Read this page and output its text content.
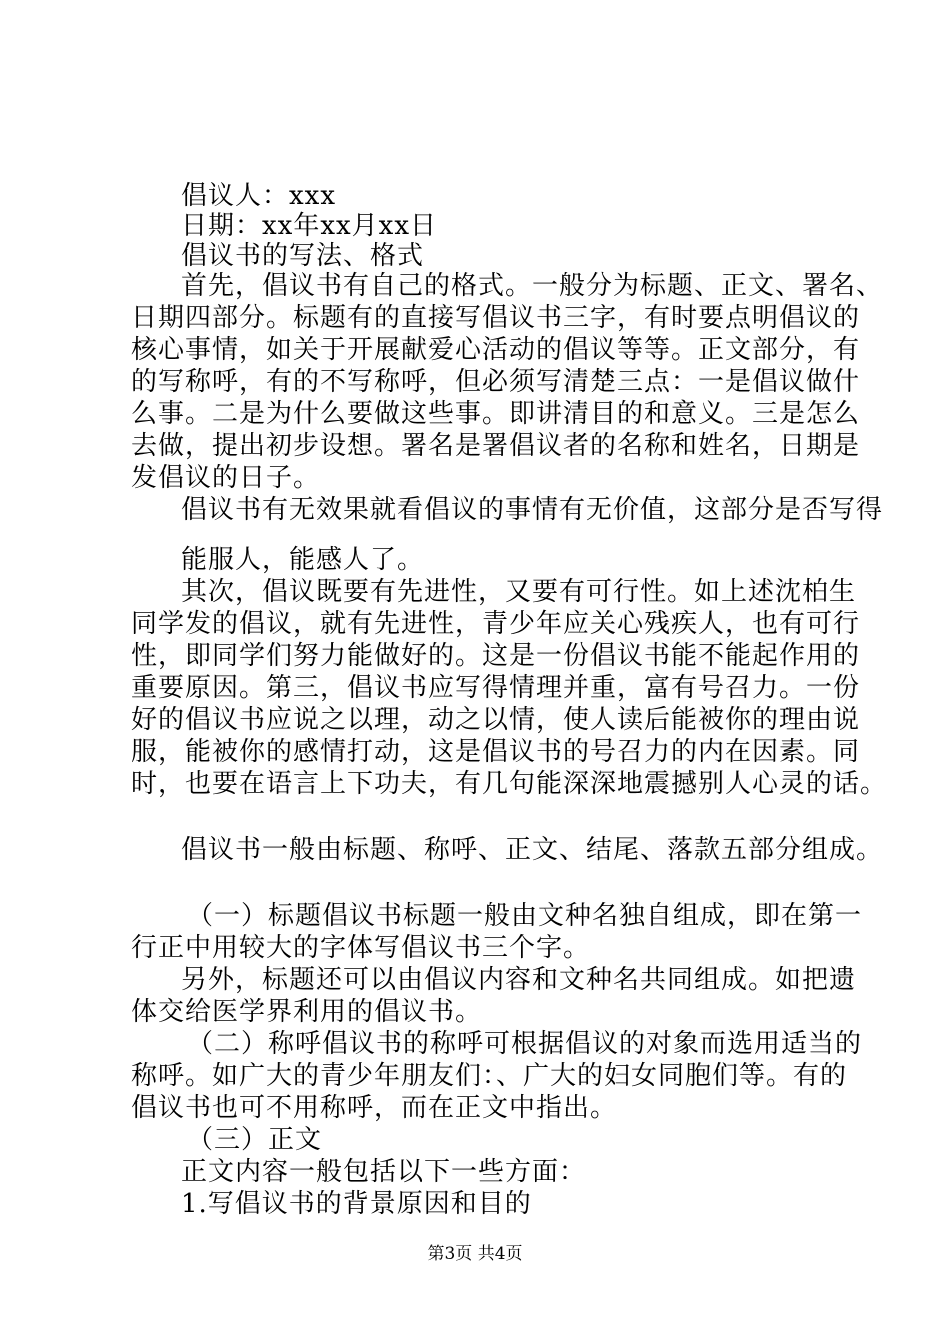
倡议人：xxx
日期：xx年xx月xx日
倡议书的写法、格式
首先，倡议书有自己的格式。一般分为标题、正文、署名、
日期四部分。标题有的直接写倡议书三字，有时要点明倡议的
核心事情，如关于开展献爱心活动的倡议等等。正文部分，有
的写称呼，有的不写称呼，但必须写清楚三点：一是倡议做什
么事。二是为什么要做这些事。即讲清目的和意义。三是怎么
去做，提出初步设想。署名是署倡议者的名称和姓名，日期是
发倡议的日子。
倡议书有无效果就看倡议的事情有无价值，这部分是否写得
能服人，能感人了。
其次，倡议既要有先进性，又要有可行性。如上述沈柏生
同学发的倡议，就有先进性，青少年应关心残疾人，也有可行
性，即同学们努力能做好的。这是一份倡议书能不能起作用的
重要原因。第三，倡议书应写得情理并重，富有号召力。一份
好的倡议书应说之以理，动之以情，使人读后能被你的理由说
服，能被你的感情打动，这是倡议书的号召力的内在因素。同
时，也要在语言上下功夫，有几句能深深地震撼别人心灵的话。
倡议书一般由标题、称呼、正文、结尾、落款五部分组成。
（一）标题倡议书标题一般由文种名独自组成，即在第一
行正中用较大的字体写倡议书三个字。
另外，标题还可以由倡议内容和文种名共同组成。如把遗
体交给医学界利用的倡议书。
（二）称呼倡议书的称呼可根据倡议的对象而选用适当的
称呼。如广大的青少年朋友们：、广大的妇女同胞们等。有的
倡议书也可不用称呼，而在正文中指出。
（三）正文
正文内容一般包括以下一些方面：
1.写倡议书的背景原因和目的
第3页 共4页
